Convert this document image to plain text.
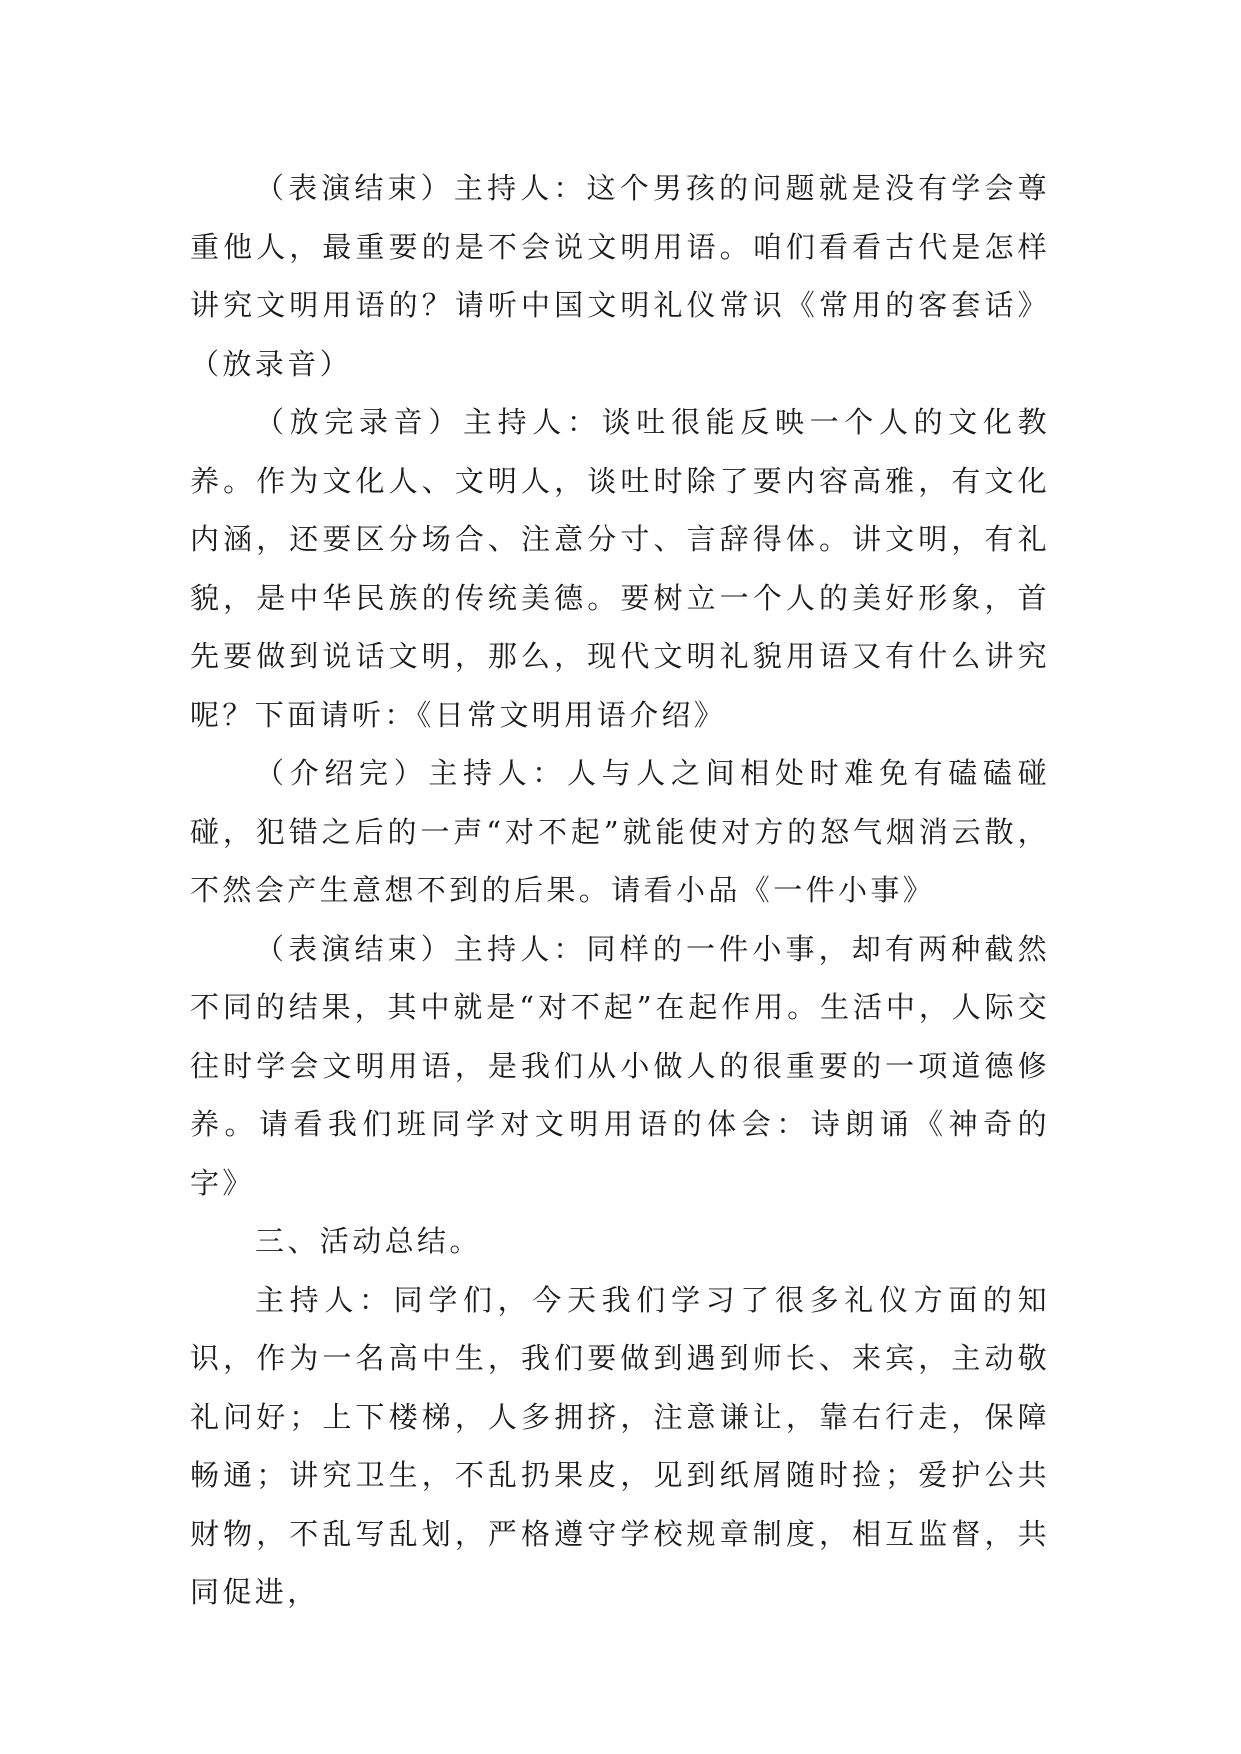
（表演结束）主持人：这个男孩的问题就是没有学会尊重他人，最重要的是不会说文明用语。咱们看看古代是怎样讲究文明用语的？请听中国文明礼仪常识《常用的客套话》（放录音）

（放完录音）主持人：谈吐很能反映一个人的文化教养。作为文化人、文明人，谈吐时除了要内容高雅，有文化内涵，还要区分场合、注意分寸、言辞得体。讲文明，有礼貌，是中华民族的传统美德。要树立一个人的美好形象，首先要做到说话文明，那么，现代文明礼貌用语又有什么讲究呢？下面请听：《日常文明用语介绍》

（介绍完）主持人：人与人之间相处时难免有磕磕碰碰，犯错之后的一声“对不起”就能使对方的怒气烟消云散，不然会产生意想不到的后果。请看小品《一件小事》

（表演结束）主持人：同样的一件小事，却有两种截然不同的结果，其中就是“对不起”在起作用。生活中，人际交往时学会文明用语，是我们从小做人的很重要的一项道德修养。请看我们班同学对文明用语的体会：诗朗诵《神奇的字》

三、活动总结。

主持人：同学们，今天我们学习了很多礼仪方面的知识，作为一名高中生，我们要做到遇到师长、来宾，主动敬礼问好；上下楼梯，人多拥挤，注意谦让，靠右行走，保障畅通；讲究卫生，不乱扔果皮，见到纸屑随时捡；爱护公共财物，不乱写乱划，严格遵守学校规章制度，相互监督，共同促进，
